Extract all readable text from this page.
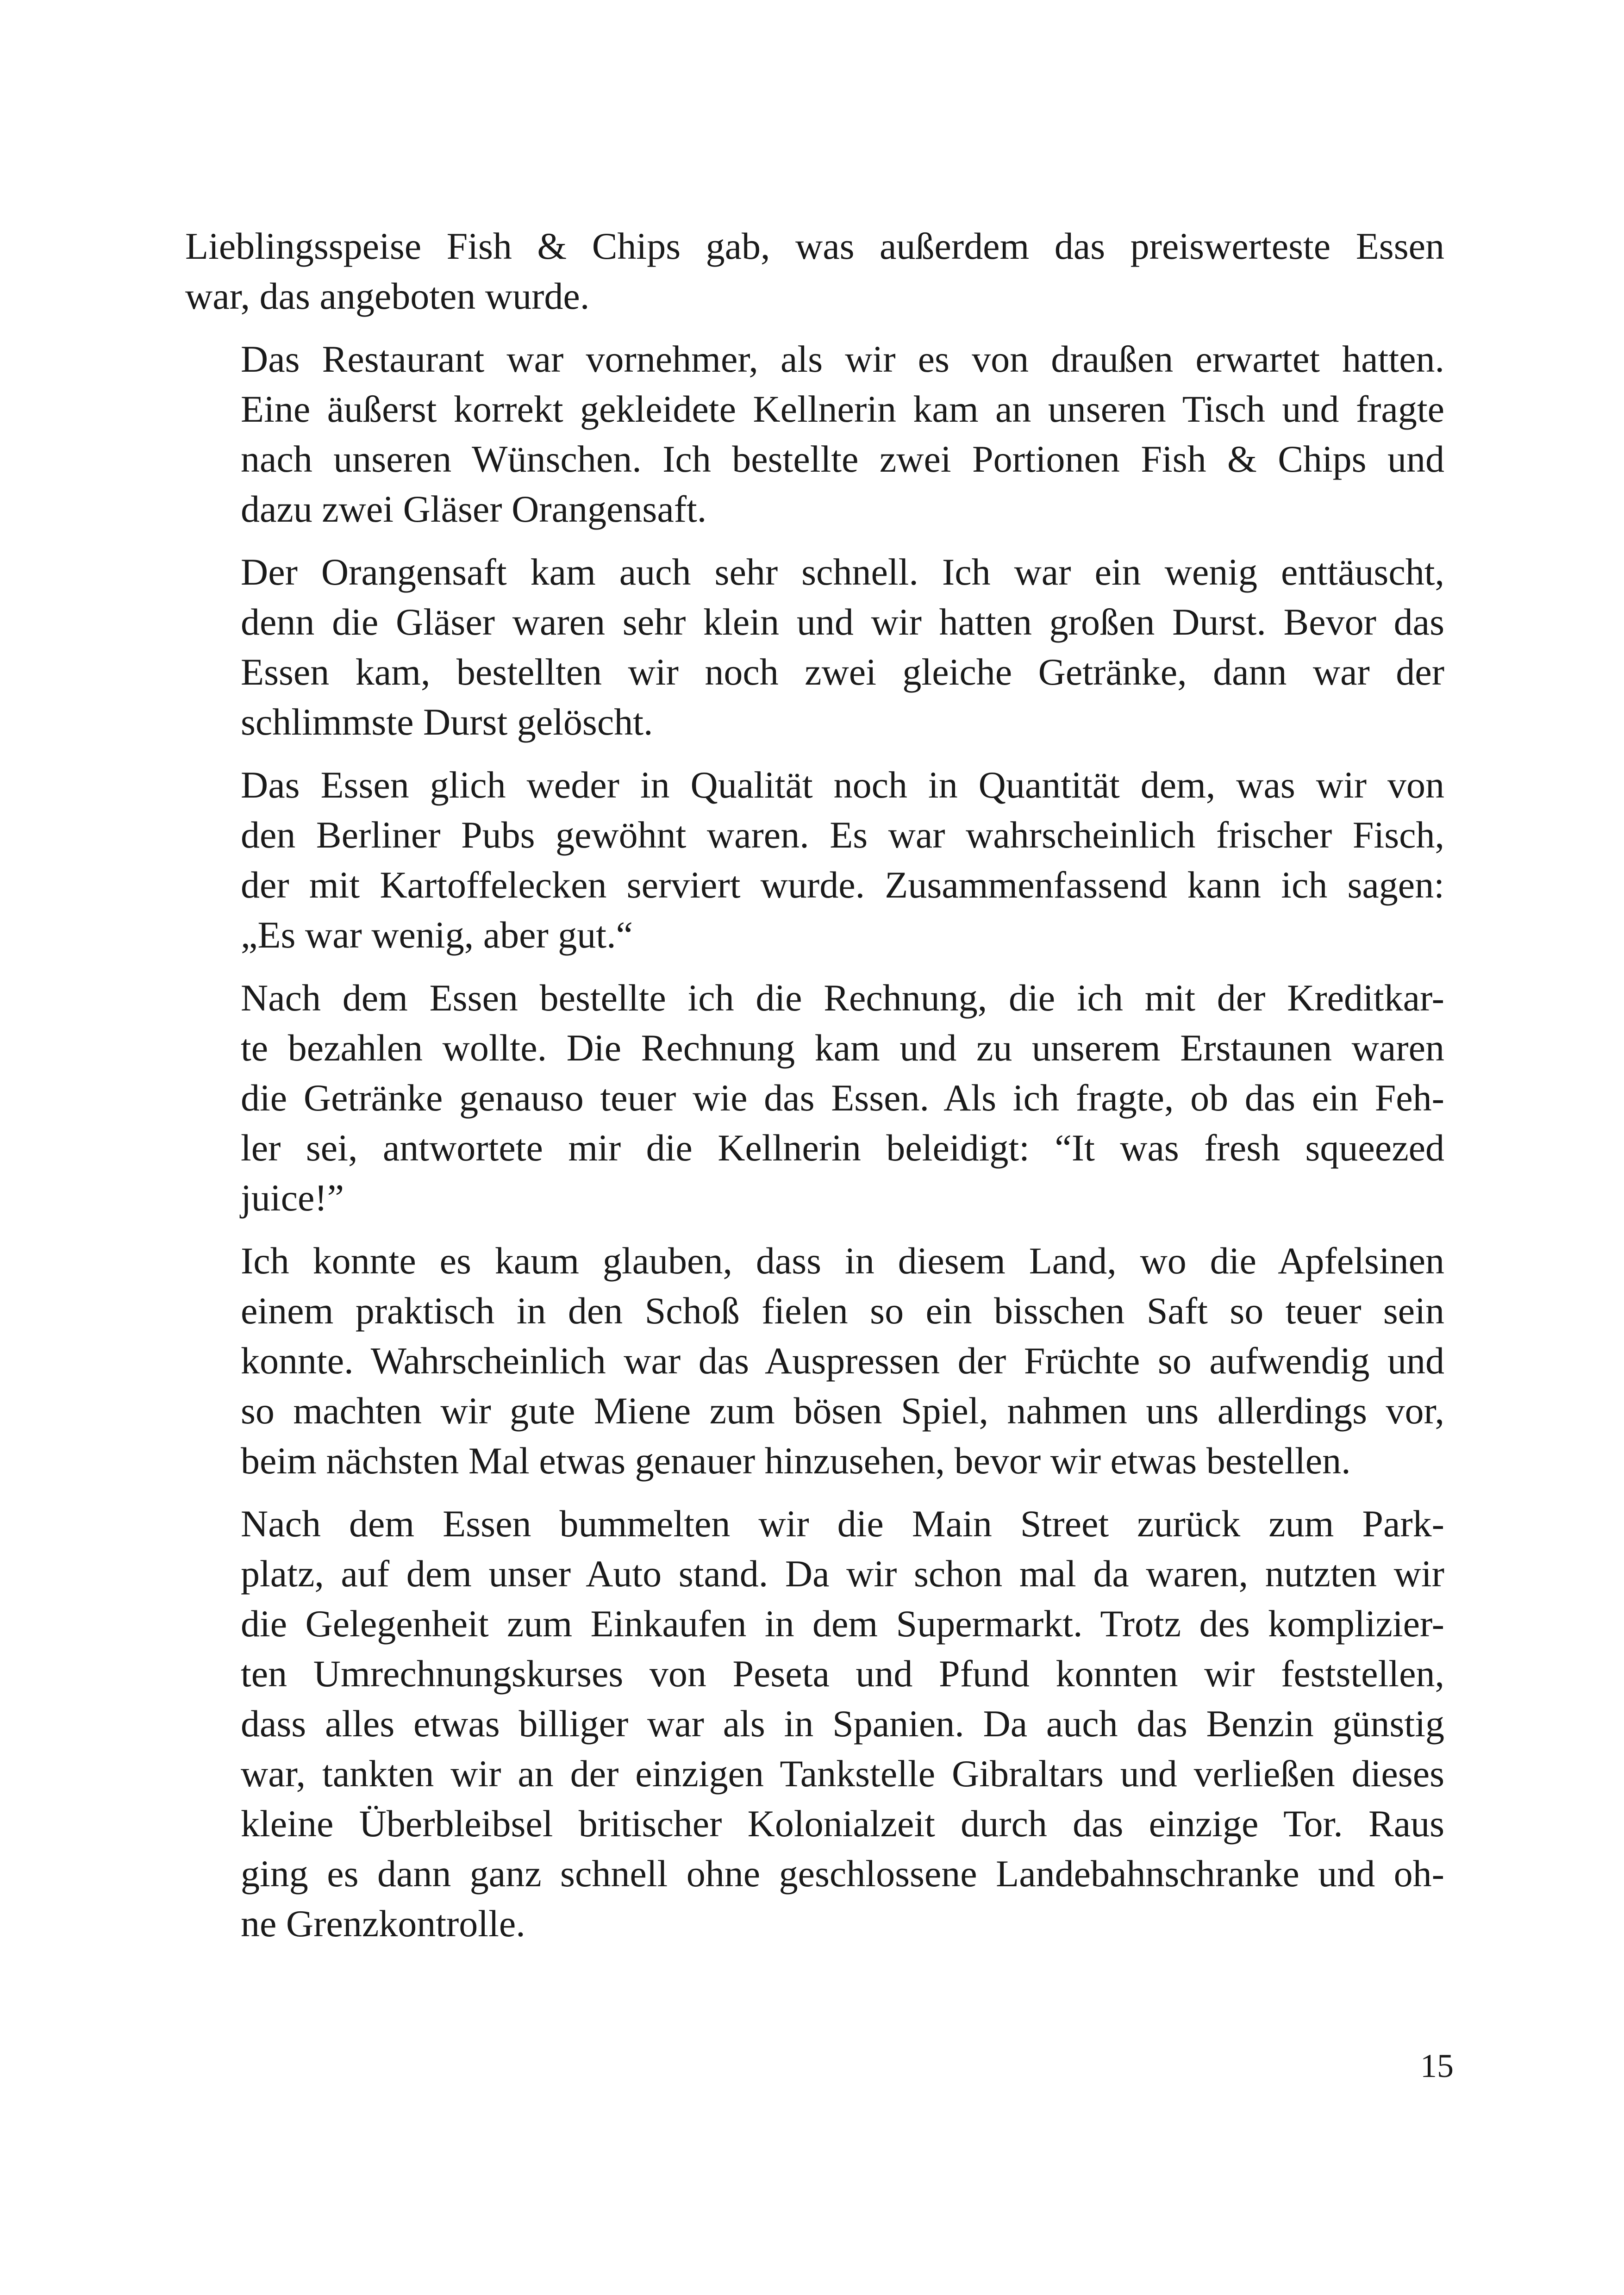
Lieblingsspeise Fish & Chips gab, was außerdem das preiswerteste Essen
war, das angeboten wurde.

Das Restaurant war vornehmer, als wir es von draußen erwartet hatten.
Eine äußerst korrekt gekleidete Kellnerin kam an unseren Tisch und fragte
nach unseren Wünschen. Ich bestellte zwei Portionen Fish & Chips und
dazu zwei Gläser Orangensaft.

Der Orangensaft kam auch sehr schnell. Ich war ein wenig enttäuscht,
denn die Gläser waren sehr klein und wir hatten großen Durst. Bevor das
Essen kam, bestellten wir noch zwei gleiche Getränke, dann war der
schlimmste Durst gelöscht.

Das Essen glich weder in Qualität noch in Quantität dem, was wir von
den Berliner Pubs gewöhnt waren. Es war wahrscheinlich frischer Fisch,
der mit Kartoffelecken serviert wurde. Zusammenfassend kann ich sagen:
„Es war wenig, aber gut.“

Nach dem Essen bestellte ich die Rechnung, die ich mit der Kreditkar-
te bezahlen wollte. Die Rechnung kam und zu unserem Erstaunen waren
die Getränke genauso teuer wie das Essen. Als ich fragte, ob das ein Feh-
ler sei, antwortete mir die Kellnerin beleidigt: “It was fresh squeezed
juice!”

Ich konnte es kaum glauben, dass in diesem Land, wo die Apfelsinen
einem praktisch in den Schoß fielen so ein bisschen Saft so teuer sein
konnte. Wahrscheinlich war das Auspressen der Früchte so aufwendig und
so machten wir gute Miene zum bösen Spiel, nahmen uns allerdings vor,
beim nächsten Mal etwas genauer hinzusehen, bevor wir etwas bestellen.

Nach dem Essen bummelten wir die Main Street zurück zum Park-
platz, auf dem unser Auto stand. Da wir schon mal da waren, nutzten wir
die Gelegenheit zum Einkaufen in dem Supermarkt. Trotz des komplizier-
ten Umrechnungskurses von Peseta und Pfund konnten wir feststellen,
dass alles etwas billiger war als in Spanien. Da auch das Benzin günstig
war, tankten wir an der einzigen Tankstelle Gibraltars und verließen dieses
kleine Überbleibsel britischer Kolonialzeit durch das einzige Tor. Raus
ging es dann ganz schnell ohne geschlossene Landebahnschranke und oh-
ne Grenzkontrolle.

15
